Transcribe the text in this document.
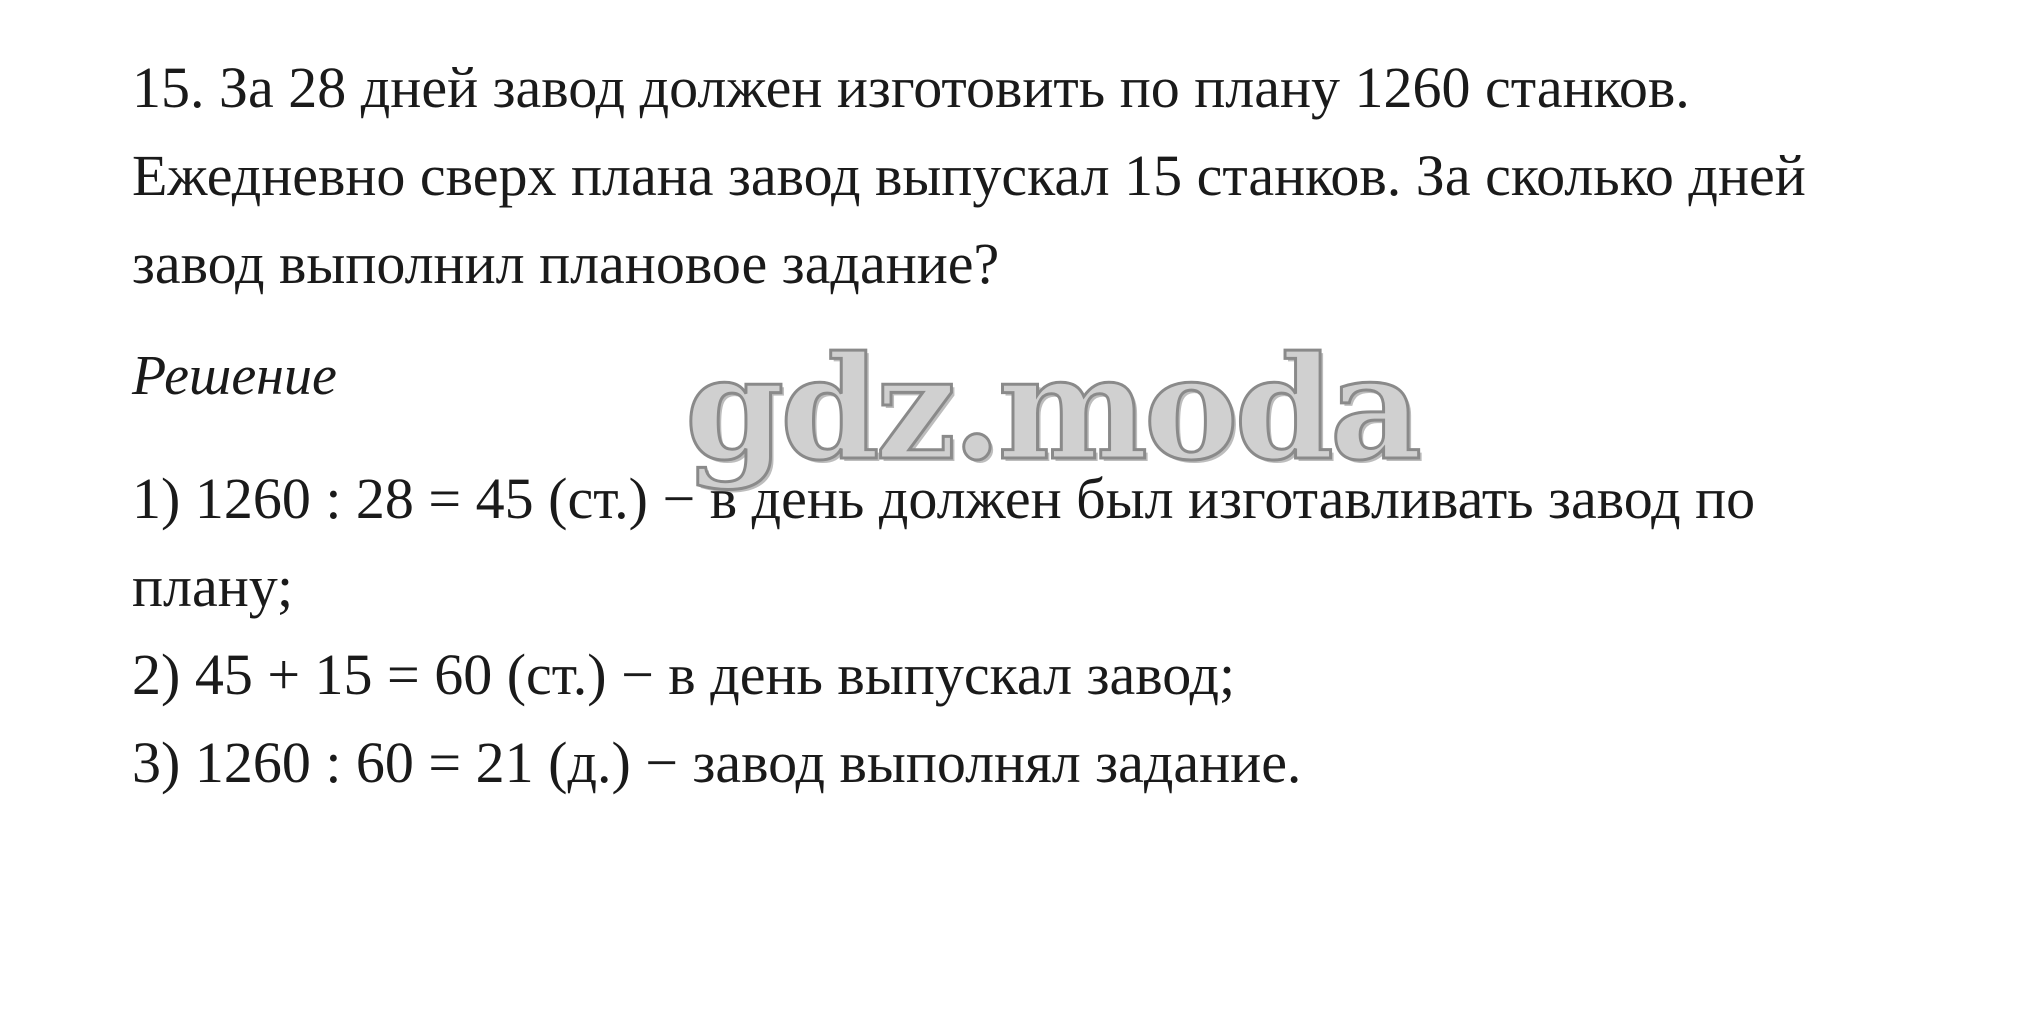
15. За 28 дней завод должен изготовить по плану 1260 станков.
Ежедневно сверх плана завод выпускал 15 станков. За сколько дней
завод выполнил плановое задание?
Решение gdz.moda
1) 1260 : 28 = 45 (ст.) − в день должен был изготавливать завод по
плану;
2) 45 + 15 = 60 (ст.) − в день выпускал завод;
3) 1260 : 60 = 21 (д.) − завод выполнял задание.
